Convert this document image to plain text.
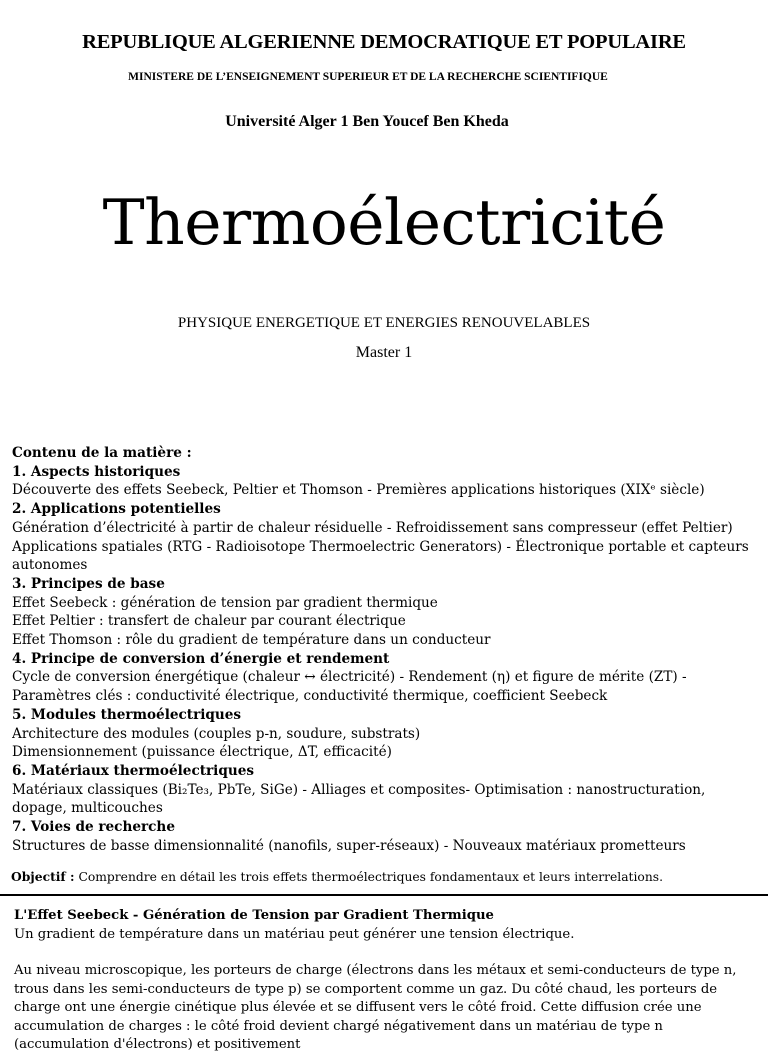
REPUBLIQUE ALGERIENNE DEMOCRATIQUE ET POPULAIRE
MINISTERE DE L’ENSEIGNEMENT SUPERIEUR ET DE LA RECHERCHE SCIENTIFIQUE
Université Alger 1 Ben Youcef Ben Kheda
Thermoélectricité
PHYSIQUE ENERGETIQUE ET ENERGIES RENOUVELABLES
Master 1
Contenu de la matière :
1. Aspects historiques
Découverte des effets Seebeck, Peltier et Thomson - Premières applications historiques (XIXᵉ siècle)
2. Applications potentielles
Génération d’électricité à partir de chaleur résiduelle - Refroidissement sans compresseur (effet Peltier)
Applications spatiales (RTG - Radioisotope Thermoelectric Generators) - Électronique portable et capteurs autonomes
3. Principes de base
Effet Seebeck : génération de tension par gradient thermique
Effet Peltier : transfert de chaleur par courant électrique
Effet Thomson : rôle du gradient de température dans un conducteur
4. Principe de conversion d’énergie et rendement
Cycle de conversion énergétique (chaleur ↔ électricité) - Rendement (η) et figure de mérite (ZT) -
Paramètres clés : conductivité électrique, conductivité thermique, coefficient Seebeck
5. Modules thermoélectriques
Architecture des modules (couples p-n, soudure, substrats)
Dimensionnement (puissance électrique, ΔT, efficacité)
6. Matériaux thermoélectriques
Matériaux classiques (Bi₂Te₃, PbTe, SiGe) - Alliages et composites- Optimisation : nanostructuration, dopage, multicouches
7. Voies de recherche
Structures de basse dimensionnalité (nanofils, super-réseaux) - Nouveaux matériaux prometteurs
Objectif : Comprendre en détail les trois effets thermoélectriques fondamentaux et leurs interrelations.
L'Effet Seebeck - Génération de Tension par Gradient Thermique
Un gradient de température dans un matériau peut générer une tension électrique.
Au niveau microscopique, les porteurs de charge (électrons dans les métaux et semi-conducteurs de type n, trous dans les semi-conducteurs de type p) se comportent comme un gaz. Du côté chaud, les porteurs de charge ont une énergie cinétique plus élevée et se diffusent vers le côté froid. Cette diffusion crée une accumulation de charges : le côté froid devient chargé négativement dans un matériau de type n (accumulation d'électrons) et positivement
